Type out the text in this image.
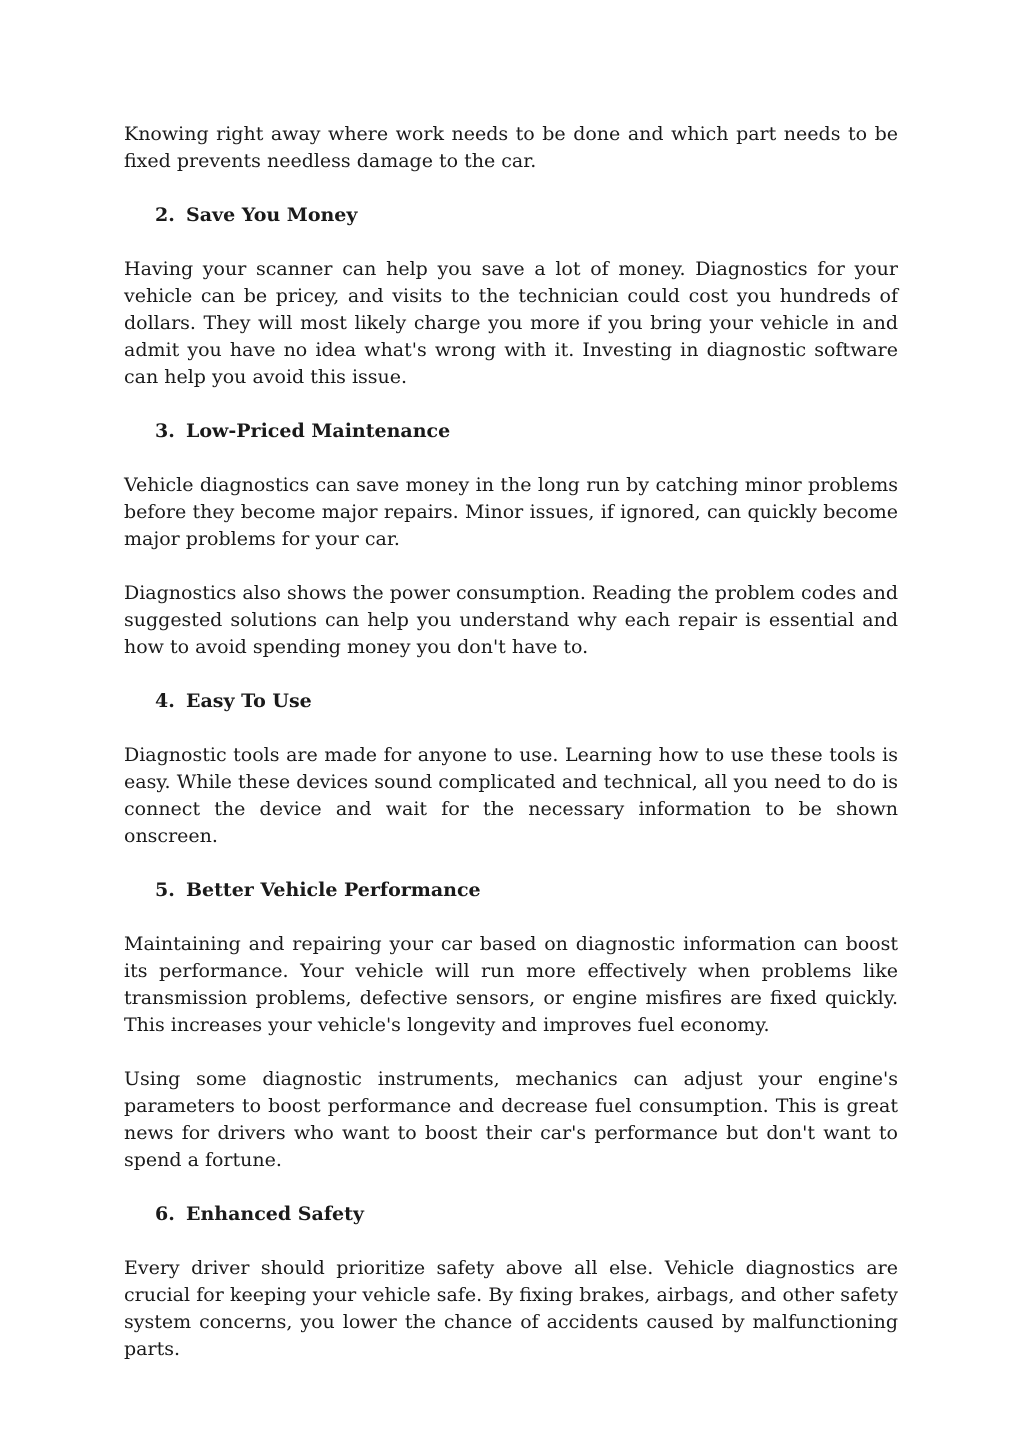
Knowing right away where work needs to be done and which part needs to be fixed prevents needless damage to the car.

2. Save You Money

Having your scanner can help you save a lot of money. Diagnostics for your vehicle can be pricey, and visits to the technician could cost you hundreds of dollars. They will most likely charge you more if you bring your vehicle in and admit you have no idea what's wrong with it. Investing in diagnostic software can help you avoid this issue.

3. Low-Priced Maintenance

Vehicle diagnostics can save money in the long run by catching minor problems before they become major repairs. Minor issues, if ignored, can quickly become major problems for your car.

Diagnostics also shows the power consumption. Reading the problem codes and suggested solutions can help you understand why each repair is essential and how to avoid spending money you don't have to.

4. Easy To Use

Diagnostic tools are made for anyone to use. Learning how to use these tools is easy. While these devices sound complicated and technical, all you need to do is connect the device and wait for the necessary information to be shown onscreen.

5. Better Vehicle Performance

Maintaining and repairing your car based on diagnostic information can boost its performance. Your vehicle will run more effectively when problems like transmission problems, defective sensors, or engine misfires are fixed quickly. This increases your vehicle's longevity and improves fuel economy.

Using some diagnostic instruments, mechanics can adjust your engine's parameters to boost performance and decrease fuel consumption. This is great news for drivers who want to boost their car's performance but don't want to spend a fortune.

6. Enhanced Safety

Every driver should prioritize safety above all else. Vehicle diagnostics are crucial for keeping your vehicle safe. By fixing brakes, airbags, and other safety system concerns, you lower the chance of accidents caused by malfunctioning parts.
